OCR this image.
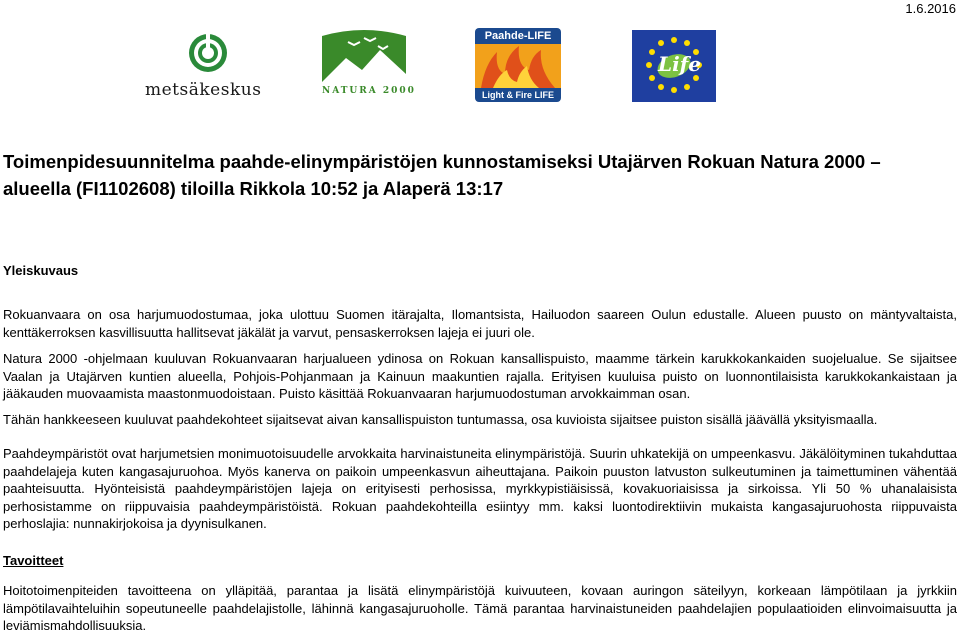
1.6.2016
metsäkeskus	NATURA 2000
Paahde-LIFE
Light & Fire LIFE
Life
Toimenpidesuunnitelma paahde-elinympäristöjen kunnostamiseksi Utajärven Rokuan Natura 2000 – alueella (FI1102608) tiloilla Rikkola 10:52 ja Alaperä 13:17
Yleiskuvaus

Rokuanvaara on osa harjumuodostumaa, joka ulottuu Suomen itärajalta, Ilomantsista, Hailuodon saareen Oulun edustalle. Alueen puusto on mäntyvaltaista, kenttäkerroksen kasvillisuutta hallitsevat jäkälät ja varvut, pensaskerroksen lajeja ei juuri ole.

Natura 2000 -ohjelmaan kuuluvan Rokuanvaaran harjualueen ydinosa on Rokuan kansallispuisto, maamme tärkein karukkokankaiden suojelualue. Se sijaitsee Vaalan ja Utajärven kuntien alueella, Pohjois-Pohjanmaan ja Kainuun maakuntien rajalla. Erityisen kuuluisa puisto on luonnontilaisista karukkokankaistaan ja jääkauden muovaamista maastonmuodoistaan. Puisto käsittää Rokuanvaaran harjumuodostuman arvokkaimman osan.

Tähän hankkeeseen kuuluvat paahdekohteet sijaitsevat aivan kansallispuiston tuntumassa, osa kuvioista sijaitsee puiston sisällä jäävällä yksityismaalla.

Paahdeympäristöt ovat harjumetsien monimuotoisuudelle arvokkaita harvinaistuneita elinympäristöjä. Suurin uhkatekijä on umpeenkasvu. Jäkälöityminen tukahduttaa paahdelajeja kuten kangasajuruohoa. Myös kanerva on paikoin umpeenkasvun aiheuttajana. Paikoin puuston latvuston sulkeutuminen ja taimettuminen vähentää paahteisuutta. Hyönteisistä paahdeympäristöjen lajeja on erityisesti perhosissa, myrkkypistiäisissä, kovakuoriaisissa ja sirkoissa. Yli 50 % uhanalaisista perhosistamme on riippuvaisia paahdeympäristöistä. Rokuan paahdekohteilla esiintyy mm. kaksi luontodirektiivin mukaista kangasajuruohosta riippuvaista perhoslajia: nunnakirjokoisa ja dyynisulkanen.

Tavoitteet

Hoitotoimenpiteiden tavoitteena on ylläpitää, parantaa ja lisätä elinympäristöjä kuivuuteen, kovaan auringon säteilyyn, korkeaan lämpötilaan ja jyrkkiin lämpötilavaihteluihin sopeutuneelle paahdelajistolle, lähinnä kangasajuruoholle. Tämä parantaa harvinaistuneiden paahdelajien populaatioiden elinvoimaisuutta ja leviämismahdollisuuksia.
